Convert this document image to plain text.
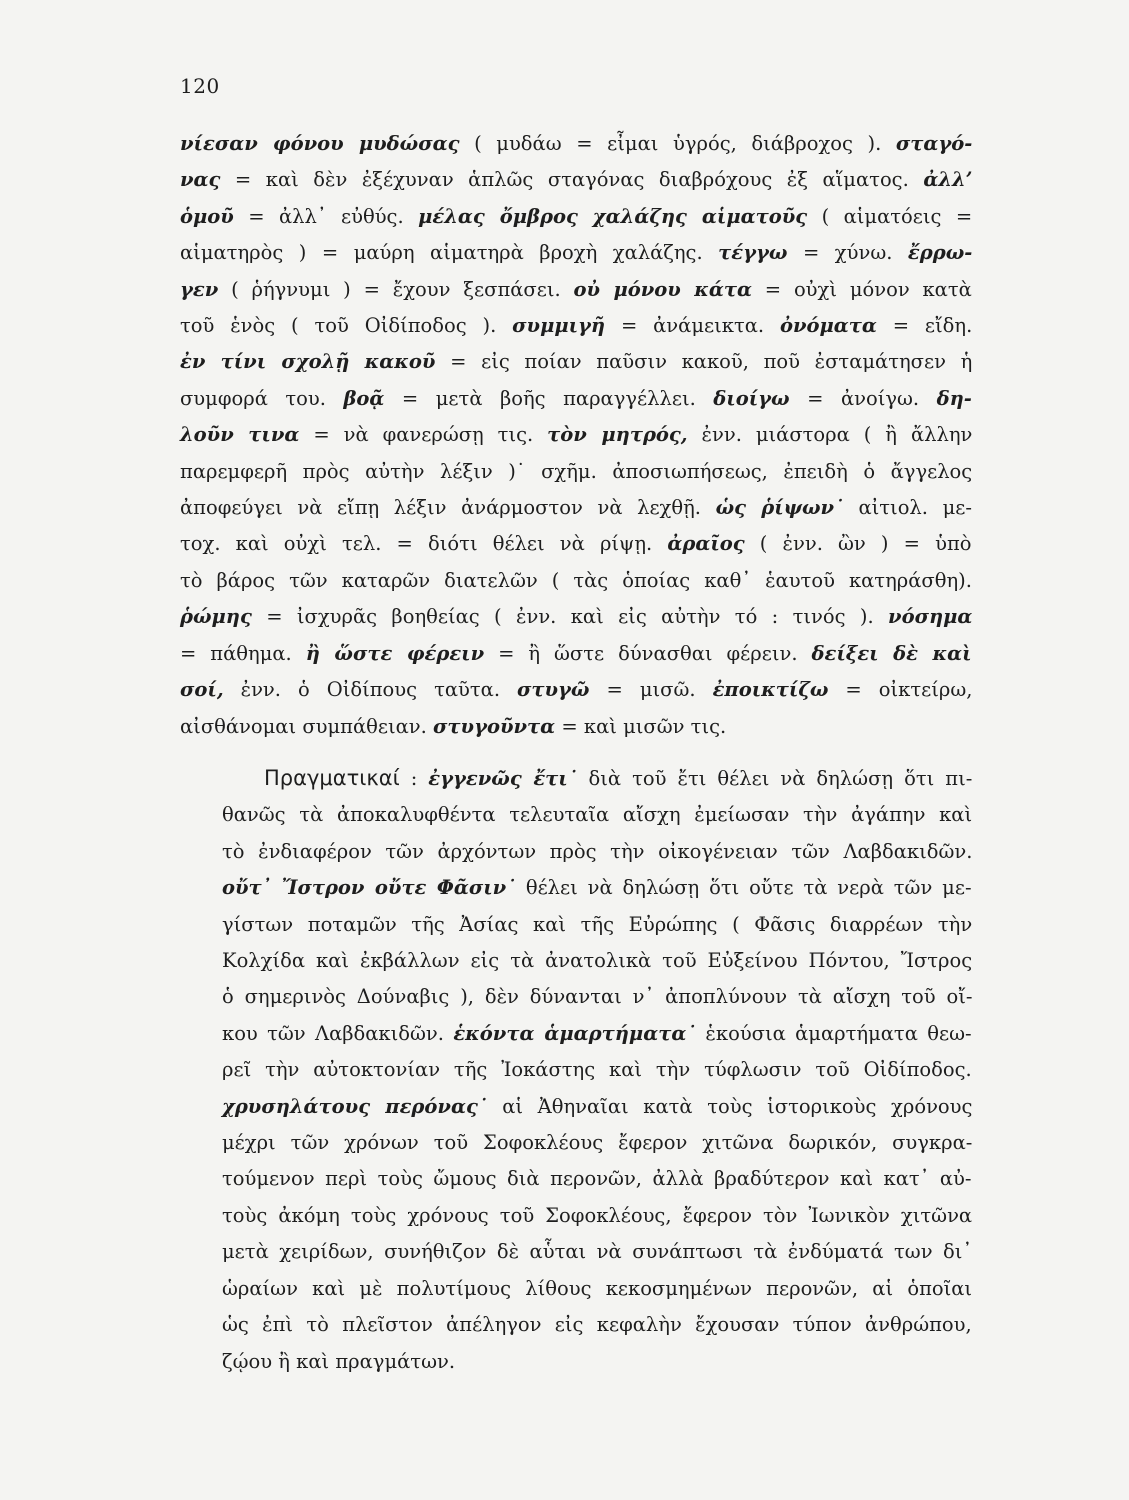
120
νίεσαν φόνου μυδώσας ( μυδάω = εἶμαι ὑγρός, διάβροχος ). σταγό-
νας = καὶ δὲν ἐξέχυναν ἁπλῶς σταγόνας διαβρόχους ἐξ αἵματος. ἀλλ’
ὁμοῦ = ἀλλ᾽ εὐθύς. μέλας ὄμβρος χαλάζης αἱματοῦς ( αἱματόεις =
αἱματηρὸς ) = μαύρη αἱματηρὰ βροχὴ χαλάζης. τέγγω = χύνω. ἔρρω-
γεν ( ῥήγνυμι ) = ἔχουν ξεσπάσει. οὐ μόνου κάτα = οὐχὶ μόνον κατὰ
τοῦ ἑνὸς ( τοῦ Οἰδίποδος ). συμμιγῆ = ἀνάμεικτα. ὀνόματα = εἴδη.
ἐν τίνι σχολῇ κακοῦ = εἰς ποίαν παῦσιν κακοῦ, ποῦ ἐσταμάτησεν ἡ
συμφορά του. βοᾷ = μετὰ βοῆς παραγγέλλει. διοίγω = ἀνοίγω. δη-
λοῦν τινα = νὰ φανερώσῃ τις. τὸν μητρός, ἐνν. μιάστορα ( ἢ ἄλλην
παρεμφερῆ πρὸς αὐτὴν λέξιν )˙ σχῆμ. ἀποσιωπήσεως, ἐπειδὴ ὁ ἄγγελος
ἀποφεύγει νὰ εἴπῃ λέξιν ἀνάρμοστον νὰ λεχθῇ. ὡς ῥίψων˙ αἰτιολ. με-
τοχ. καὶ οὐχὶ τελ. = διότι θέλει νὰ ρίψῃ. ἀραῖος ( ἐνν. ὢν ) = ὑπὸ
τὸ βάρος τῶν καταρῶν διατελῶν ( τὰς ὁποίας καθ᾽ ἑαυτοῦ κατηράσθη).
ῥώμης = ἰσχυρᾶς βοηθείας ( ἐνν. καὶ εἰς αὐτὴν τό : τινός ). νόσημα
= πάθημα. ἢ ὥστε φέρειν = ἢ ὥστε δύνασθαι φέρειν. δείξει δὲ καὶ
σοί, ἐνν. ὁ Οἰδίπους ταῦτα. στυγῶ = μισῶ. ἐποικτίζω = οἰκτείρω,
αἰσθάνομαι συμπάθειαν. στυγοῦντα = καὶ μισῶν τις.
Πραγματικαί : ἐγγενῶς ἔτι˙ διὰ τοῦ ἔτι θέλει νὰ δηλώσῃ ὅτι πι-
θανῶς τὰ ἀποκαλυφθέντα τελευταῖα αἴσχη ἐμείωσαν τὴν ἀγάπην καὶ
τὸ ἐνδιαφέρον τῶν ἀρχόντων πρὸς τὴν οἰκογένειαν τῶν Λαβδακιδῶν.
οὔτ᾽ Ἴστρον οὔτε Φᾶσιν˙ θέλει νὰ δηλώσῃ ὅτι οὔτε τὰ νερὰ τῶν με-
γίστων ποταμῶν τῆς Ἀσίας καὶ τῆς Εὐρώπης ( Φᾶσις διαρρέων τὴν
Κολχίδα καὶ ἐκβάλλων εἰς τὰ ἀνατολικὰ τοῦ Εὐξείνου Πόντου, Ἴστρος
ὁ σημερινὸς Δούναβις ), δὲν δύνανται ν᾽ ἀποπλύνουν τὰ αἴσχη τοῦ οἴ-
κου τῶν Λαβδακιδῶν. ἑκόντα ἁμαρτήματα˙ ἑκούσια ἁμαρτήματα θεω-
ρεῖ τὴν αὐτοκτονίαν τῆς Ἰοκάστης καὶ τὴν τύφλωσιν τοῦ Οἰδίποδος.
χρυσηλάτους περόνας˙ αἱ Ἀθηναῖαι κατὰ τοὺς ἱστορικοὺς χρόνους
μέχρι τῶν χρόνων τοῦ Σοφοκλέους ἔφερον χιτῶνα δωρικόν, συγκρα-
τούμενον περὶ τοὺς ὤμους διὰ περονῶν, ἀλλὰ βραδύτερον καὶ κατ᾽ αὐ-
τοὺς ἀκόμη τοὺς χρόνους τοῦ Σοφοκλέους, ἔφερον τὸν Ἰωνικὸν χιτῶνα
μετὰ χειρίδων, συνήθιζον δὲ αὗται νὰ συνάπτωσι τὰ ἐνδύματά των δι᾽
ὡραίων καὶ μὲ πολυτίμους λίθους κεκοσμημένων περονῶν, αἱ ὁποῖαι
ὡς ἐπὶ τὸ πλεῖστον ἀπέληγον εἰς κεφαλὴν ἔχουσαν τύπον ἀνθρώπου,
ζῴου ἢ καὶ πραγμάτων.
